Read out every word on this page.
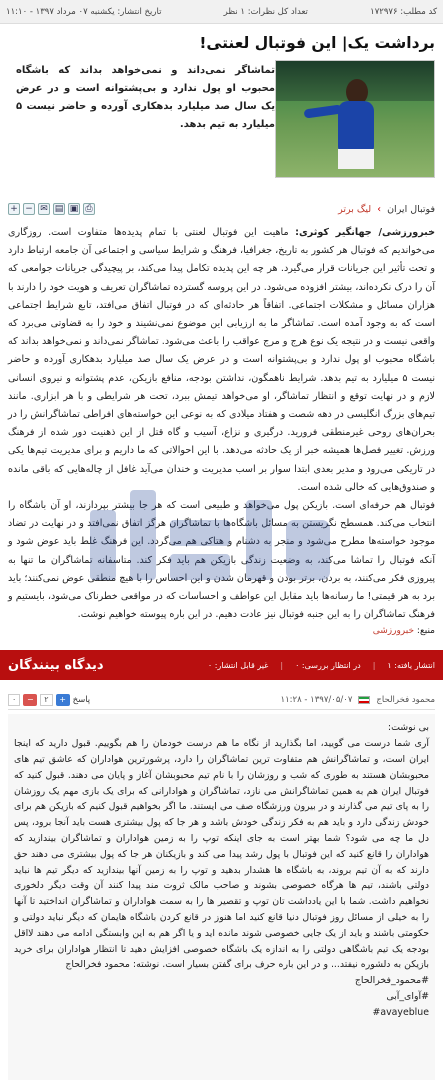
کد مطلب: ۱۷۲۹۷۶
تعداد کل نظرات: ۱ نظر
تاریخ انتشار: یکشنبه ۰۷ مرداد ۱۳۹۷ - ۱۱:۱۰
برداشت یک| این فوتبال لعنتی!
تماشاگر نمی‌داند و نمی‌خواهد بداند که باشگاه محبوب او پول ندارد و بی‌پشتوانه است و در عرض یک سال صد میلیارد بدهکاری آورده و حاضر نیست ۵ میلیارد به تیم بدهد.
فوتبال ایران › لیگ برتر
+ − ✉ ▤ ▣ ⎙

خبرورزشی/ جهانگیر کوثری: ماهیت این فوتبال لعنتی با تمام پدیده‌ها متفاوت است. روزگاری می‌خواندیم که فوتبال هر کشور به تاریخ، جغرافیا، فرهنگ و شرایط سیاسی و اجتماعی آن جامعه ارتباط دارد و تحت تأثیر این جریانات قرار می‌گیرد. هر چه این پدیده تکامل پیدا می‌کند، بر پیچیدگی جریانات جوامعی که آن را درک نکرده‌اند، بیشتر افزوده می‌شود. در این پروسه گسترده تماشاگران تعریف و هویت خود را دارند با هزاران مسائل و مشکلات اجتماعی. اتفاقاً هر حادثه‌ای که در فوتبال اتفاق می‌افتد، تابع شرایط اجتماعی است که به وجود آمده است. تماشاگر ما به ارزیابی این موضوع نمی‌نشیند و خود را به قضاوتی می‌برد که واقعی نیست و در نتیجه یک نوع هرج و مرج عواقب را باعث می‌شود. تماشاگر نمی‌داند و نمی‌خواهد بداند که باشگاه محبوب او پول ندارد و بی‌پشتوانه است و در عرض یک سال صد میلیارد بدهکاری آورده و حاضر نیست ۵ میلیارد به تیم بدهد. شرایط ناهمگون، نداشتن بودجه، منافع بازیکن، عدم پشتوانه و نیروی انسانی لازم و در نهایت توقع و انتظار تماشاگر، او می‌خواهد تیمش ببرد، تحت هر شرایطی و با هر ابزاری. مانند تیم‌های بزرگ انگلیسی در دهه شصت و هفتاد میلادی که به نوعی این خواسته‌های افراطی تماشاگرانش را در بحران‌های روحی غیرمنطقی فرورید. درگیری و نزاع، آسیب و گاه قتل از این ذهنیت دور شده از فرهنگ ورزش. تغییر فصل‌ها همیشه خبر از یک حادثه می‌دهد. با این احوالاتی که ما داریم و برای مدیریت تیم‌ها یکی در تاریکی می‌رود و مدیر بعدی ابتدا سوار بر اسب مدیریت و خندان می‌آید غافل از چاله‌هایی که باقی مانده و صندوق‌هایی که خالی شده است.

فوتبال هم حرفه‌ای است. بازیکن پول می‌خواهد و طبیعی است که هر جا بیشتر بپردازند، او آن باشگاه را انتخاب می‌کند. همسطح نگریستن به مسائل باشگاه‌ها با تماشاگران هرگز اتفاق نمی‌افتد و در نهایت در تضاد موجود خواسته‌ها مطرح می‌شود و منجر به دشنام و هتاکی هم می‌گردد. این فرهنگ غلط باید عوض شود و آنکه فوتبال را تماشا می‌کند، به وضعیت زندگی بازیکن هم باید فکر کند. متاسفانه تماشاگران ما تنها به پیروزی فکر می‌کنند، به بردن، برتر بودن و قهرمان شدن و این احساس را با هیچ منطقی عوض نمی‌کنند؛ باید برد به هر قیمتی! ما رسانه‌ها باید مقابل این عواطف و احساسات که در مواقعی خطرناک می‌شود، بایستیم و فرهنگ تماشاگران را به این جنبه فوتبال نیز عادت دهیم. در این باره پیوسته خواهیم نوشت.

منبع: خبرورزشی
انتشار یافته: ۱
|
در انتظار بررسی: ۰
|
غیر قابل انتشار: ۰
دیدگاه بینندگان
محمود فخرالحاج
۱۳۹۷/۰۵/۰۷ - ۱۱:۲۸
۰	−	۲	+ پاسخ
بی نوشت:
آری شما درست می گویید، اما بگذارید از نگاه ما هم درست خودمان را هم بگوییم. قبول دارید که اینجا ایران است، و تماشاگرانش هم متفاوت ترین تماشاگران را دارد، پرشورترین هواداران که عاشق تیم های محبوبشان هستند به طوری که شب و روزشان را با نام تیم محبوبشان آغاز و پایان می دهند. قبول کنید که فوتبال ایران هم به همین تماشاگرانش می نازد، تماشاگران و هوادارانی که برای یک بازی مهم یک روزشان را به پای تیم می گذارند و در بیرون ورزشگاه صف می ایستند. ما اگر بخواهیم قبول کنیم که بازیکن هم برای خودش زندگی دارد و باید هم به فکر زندگی خودش باشد و هر جا که پول بیشتری هست باید آنجا برود، پس دل ما چه می شود؟ شما بهتر است به جای اینکه توپ را به زمین هواداران و تماشاگران بیندازید که هواداران را قانع کنید که این فوتبال با پول رشد پیدا می کند و بازیکنان هر جا که پول بیشتری می دهند حق دارند که به آن تیم بروند، به باشگاه ها هشدار بدهید و توپ را به زمین آنها بیندازید که دیگر تیم ها نباید دولتی باشند، تیم ها هرگاه خصوصی بشوند و صاحب مالک ثروت مند پیدا کنند آن وقت دیگر دلخوری نخواهیم داشت. شما با این یادداشت تان توپ و تقصیر ها را به سمت هواداران و تماشاگران انداختید تا آنها را به خیلی از مسائل روز فوتبال دنیا قانع کنید اما هنوز در قانع کردن باشگاه هایمان که دیگر نباید دولتی و حکومتی باشند و باید از یک جایی خصوصی شوند مانده اید و یا اگر هم به این وابستگی ادامه می دهند لااقل بودجه یک تیم باشگاهی دولتی را به اندازه یک باشگاه خصوصی افزایش دهید تا انتظار هواداران برای خرید بازیکن به دلشوره نیفتد... و در این باره حرف برای گفتن بسیار است. نوشته: محمود فخرالحاج
#محمود_فخرالحاج
#آوای_آبی
avayeblue#
